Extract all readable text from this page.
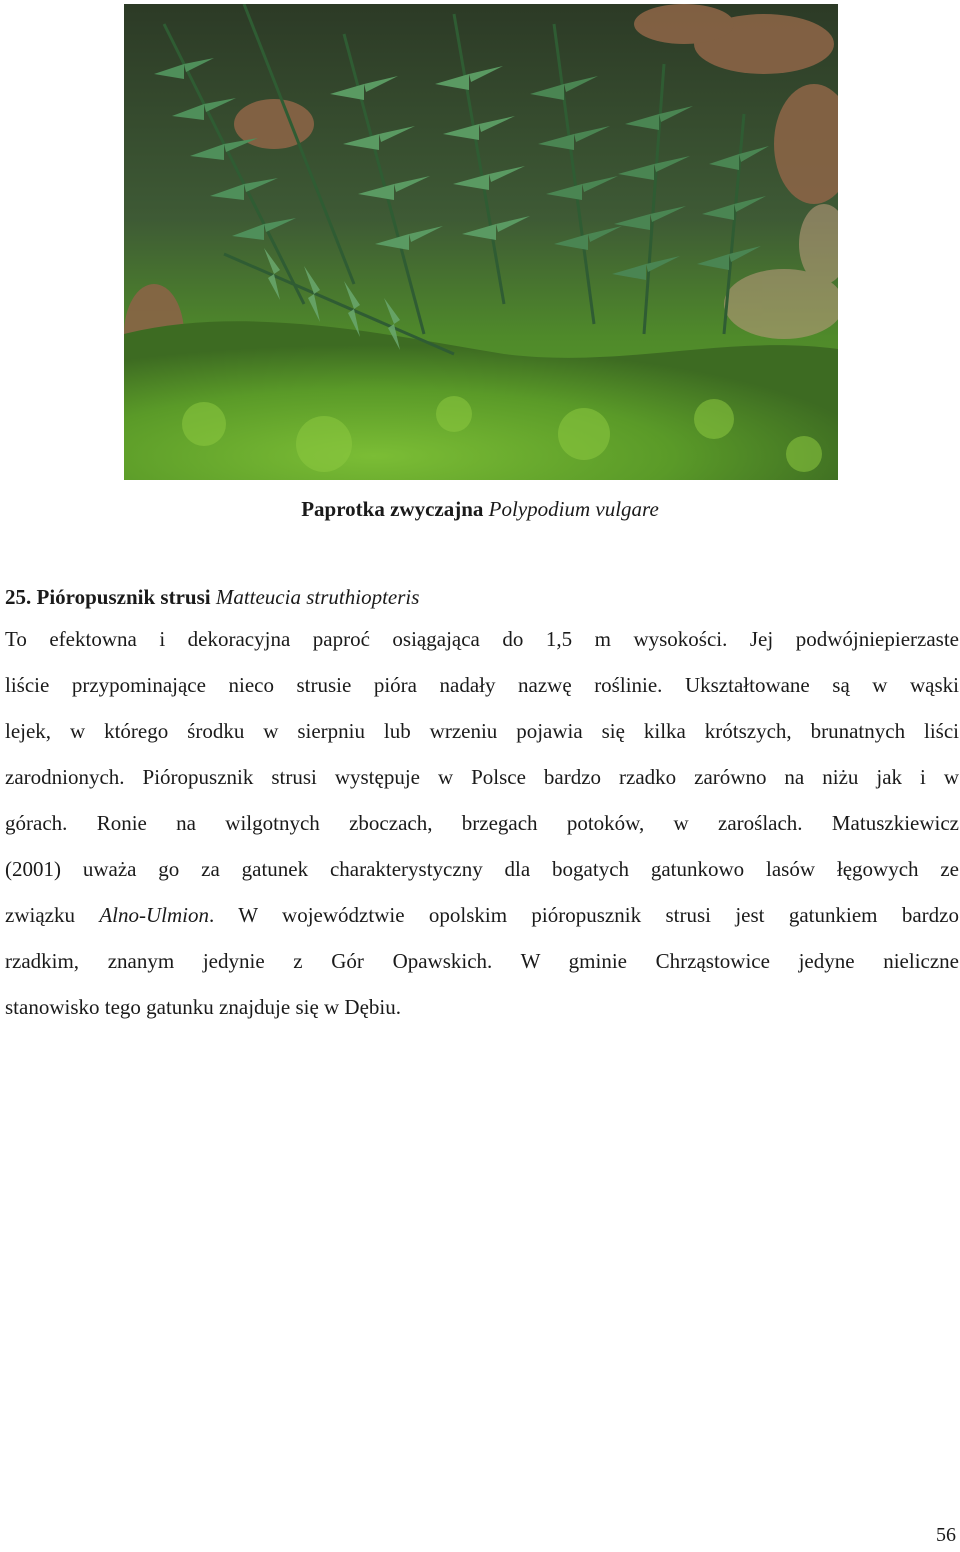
Paprotka zwyczajna Polypodium vulgare
25. Pióropusznik strusi Matteucia struthiopteris
To efektowna i dekoracyjna paproć osiągająca do 1,5 m wysokości. Jej podwójniepierzaste
liście przypominające nieco strusie pióra nadały nazwę roślinie. Ukształtowane są w wąski
lejek, w którego środku w sierpniu lub wrzeniu pojawia się kilka krótszych, brunatnych liści
zarodnionych. Pióropusznik strusi występuje w Polsce bardzo rzadko zarówno na niżu jak i w
górach. Ronie na wilgotnych zboczach, brzegach potoków, w zaroślach. Matuszkiewicz
(2001) uważa go za gatunek charakterystyczny dla bogatych gatunkowo lasów łęgowych ze
związku Alno-Ulmion. W województwie opolskim pióropusznik strusi jest gatunkiem bardzo
rzadkim, znanym jedynie z Gór Opawskich. W gminie Chrząstowice jedyne nieliczne
stanowisko tego gatunku znajduje się w Dębiu.
56
